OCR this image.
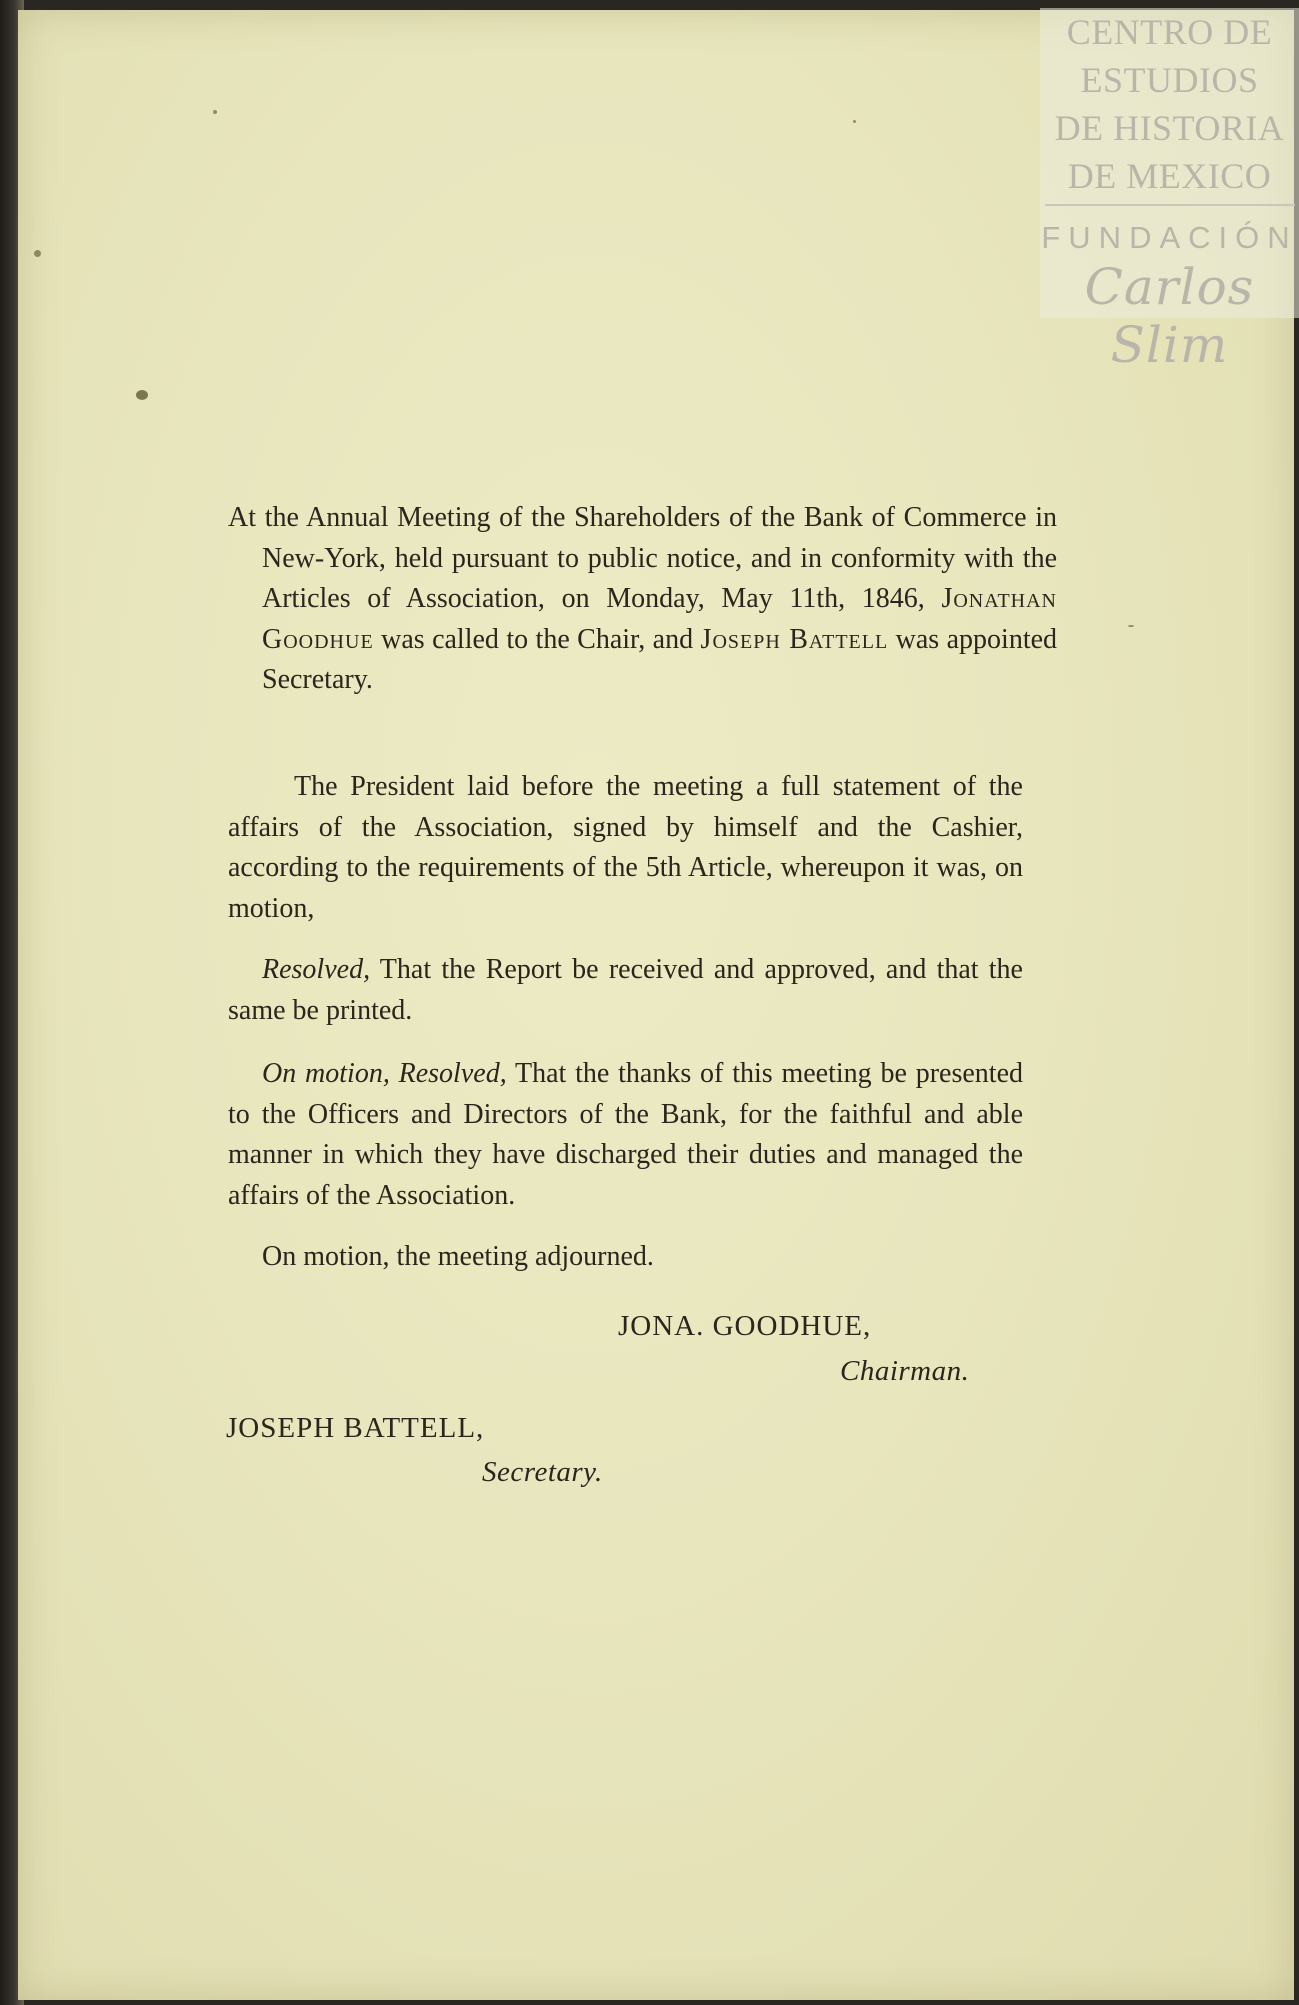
CENTRO DE
ESTUDIOS
DE HISTORIA
DE MEXICO
FUNDACIÓN
Carlos Slim
At the Annual Meeting of the Shareholders of the Bank of Commerce in New-York, held pursuant to public notice, and in conformity with the Articles of Association, on Monday, May 11th, 1846, Jonathan Goodhue was called to the Chair, and Joseph Battell was appointed Secretary.
The President laid before the meeting a full statement of the affairs of the Association, signed by himself and the Cashier, according to the requirements of the 5th Article, whereupon it was, on motion,
Resolved, That the Report be received and approved, and that the same be printed.
On motion, Resolved, That the thanks of this meeting be presented to the Officers and Directors of the Bank, for the faithful and able manner in which they have discharged their duties and managed the affairs of the Association.
On motion, the meeting adjourned.
JONA. GOODHUE,
Chairman.
JOSEPH BATTELL,
Secretary.
